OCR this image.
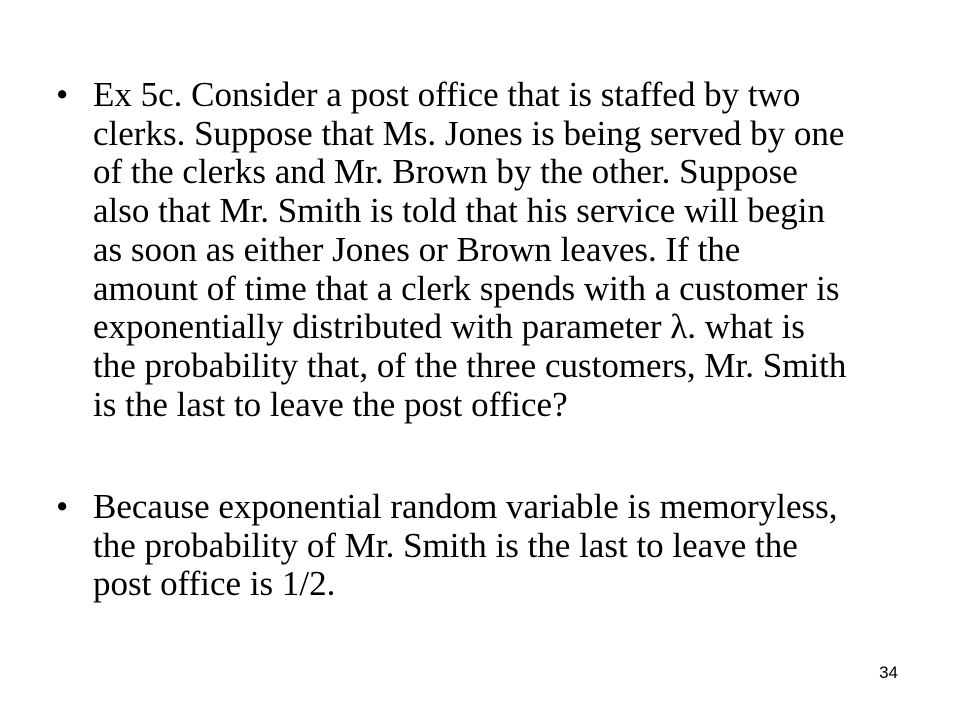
• Ex 5c. Consider a post office that is staffed by two
clerks. Suppose that Ms. Jones is being served by one
of the clerks and Mr. Brown by the other. Suppose
also that Mr. Smith is told that his service will begin
as soon as either Jones or Brown leaves. If the
amount of time that a clerk spends with a customer is
exponentially distributed with parameter λ. what is
the probability that, of the three customers, Mr. Smith
is the last to leave the post office?
• Because exponential random variable is memoryless,
the probability of Mr. Smith is the last to leave the
post office is 1/2.
34
